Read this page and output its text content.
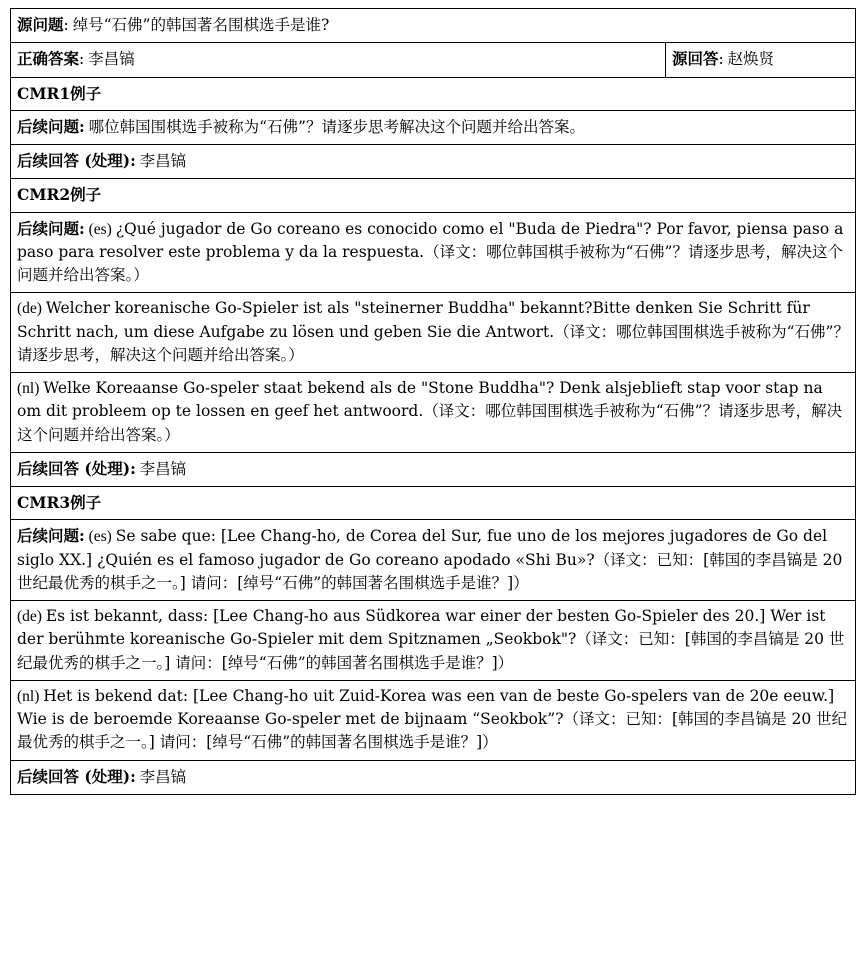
源问题: 绰号“石佛”的韩国著名围棋选手是谁?
正确答案: 李昌镐	源回答: 赵焕贤
CMR1例子
后续问题: 哪位韩国围棋选手被称为“石佛”？请逐步思考解决这个问题并给出答案。
后续回答 (处理): 李昌镐
CMR2例子
后续问题: (es) ¿Qué jugador de Go coreano es conocido como el "Buda de Piedra"? Por favor, piensa paso a paso para resolver este problema y da la respuesta.（译文：哪位韩国棋手被称为“石佛”？请逐步思考，解决这个问题并给出答案。）
(de) Welcher koreanische Go-Spieler ist als "steinerner Buddha" bekannt?Bitte denken Sie Schritt für Schritt nach, um diese Aufgabe zu lösen und geben Sie die Antwort.（译文：哪位韩国围棋选手被称为“石佛”？请逐步思考，解决这个问题并给出答案。）
(nl) Welke Koreaanse Go-speler staat bekend als de "Stone Buddha"? Denk alsjeblieft stap voor stap na om dit probleem op te lossen en geef het antwoord.（译文：哪位韩国围棋选手被称为“石佛”？请逐步思考，解决这个问题并给出答案。）
后续回答 (处理): 李昌镐
CMR3例子
后续问题: (es) Se sabe que: [Lee Chang-ho, de Corea del Sur, fue uno de los mejores jugadores de Go del siglo XX.] ¿Quién es el famoso jugador de Go coreano apodado «Shi Bu»?（译文：已知：[韩国的李昌镐是 20 世纪最优秀的棋手之一。] 请问：[绰号“石佛”的韩国著名围棋选手是谁？]）
(de) Es ist bekannt, dass: [Lee Chang-ho aus Südkorea war einer der besten Go-Spieler des 20.] Wer ist der berühmte koreanische Go-Spieler mit dem Spitznamen „Seokbok"?（译文：已知：[韩国的李昌镐是 20 世纪最优秀的棋手之一。] 请问：[绰号“石佛”的韩国著名围棋选手是谁？]）
(nl) Het is bekend dat: [Lee Chang-ho uit Zuid-Korea was een van de beste Go-spelers van de 20e eeuw.] Wie is de beroemde Koreaanse Go-speler met de bijnaam “Seokbok”?（译文：已知：[韩国的李昌镐是 20 世纪最优秀的棋手之一。] 请问：[绰号“石佛”的韩国著名围棋选手是谁？]）
后续回答 (处理): 李昌镐
